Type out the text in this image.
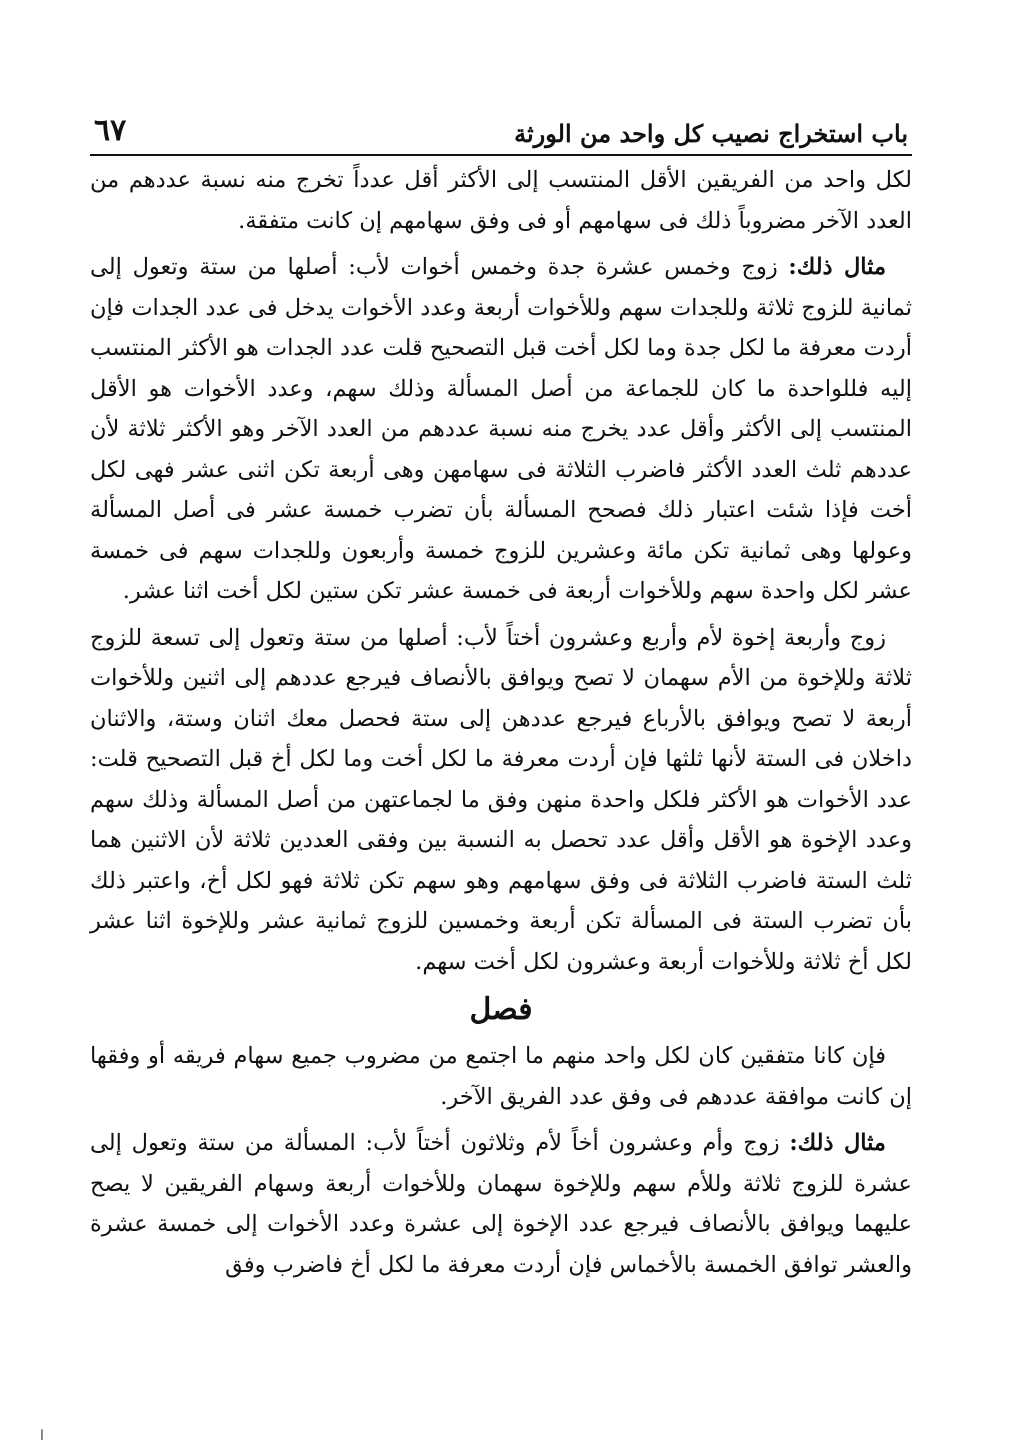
باب استخراج نصيب كل واحد من الورثة
٦٧

لكل واحد من الفريقين الأقل المنتسب إلى الأكثر أقل عدداً تخرج منه نسبة عددهم من العدد الآخر مضروباً ذلك فى سهامهم أو فى وفق سهامهم إن كانت متفقة.

مثال ذلك: زوج وخمس عشرة جدة وخمس أخوات لأب: أصلها من ستة وتعول إلى ثمانية للزوج ثلاثة وللجدات سهم وللأخوات أربعة وعدد الأخوات يدخل فى عدد الجدات فإن أردت معرفة ما لكل جدة وما لكل أخت قبل التصحيح قلت عدد الجدات هو الأكثر المنتسب إليه فللواحدة ما كان للجماعة من أصل المسألة وذلك سهم، وعدد الأخوات هو الأقل المنتسب إلى الأكثر وأقل عدد يخرج منه نسبة عددهم من العدد الآخر وهو الأكثر ثلاثة لأن عددهم ثلث العدد الأكثر فاضرب الثلاثة فى سهامهن وهى أربعة تكن اثنى عشر فهى لكل أخت فإذا شئت اعتبار ذلك فصحح المسألة بأن تضرب خمسة عشر فى أصل المسألة وعولها وهى ثمانية تكن مائة وعشرين للزوج خمسة وأربعون وللجدات سهم فى خمسة عشر لكل واحدة سهم وللأخوات أربعة فى خمسة عشر تكن ستين لكل أخت اثنا عشر.

زوج وأربعة إخوة لأم وأربع وعشرون أختاً لأب: أصلها من ستة وتعول إلى تسعة للزوج ثلاثة وللإخوة من الأم سهمان لا تصح ويوافق بالأنصاف فيرجع عددهم إلى اثنين وللأخوات أربعة لا تصح ويوافق بالأرباع فيرجع عددهن إلى ستة فحصل معك اثنان وستة، والاثنان داخلان فى الستة لأنها ثلثها فإن أردت معرفة ما لكل أخت وما لكل أخ قبل التصحيح قلت: عدد الأخوات هو الأكثر فلكل واحدة منهن وفق ما لجماعتهن من أصل المسألة وذلك سهم وعدد الإخوة هو الأقل وأقل عدد تحصل به النسبة بين وفقى العددين ثلاثة لأن الاثنين هما ثلث الستة فاضرب الثلاثة فى وفق سهامهم وهو سهم تكن ثلاثة فهو لكل أخ، واعتبر ذلك بأن تضرب الستة فى المسألة تكن أربعة وخمسين للزوج ثمانية عشر وللإخوة اثنا عشر لكل أخ ثلاثة وللأخوات أربعة وعشرون لكل أخت سهم.

فصل

فإن كانا متفقين كان لكل واحد منهم ما اجتمع من مضروب جميع سهام فريقه أو وفقها إن كانت موافقة عددهم فى وفق عدد الفريق الآخر.

مثال ذلك: زوج وأم وعشرون أخاً لأم وثلاثون أختاً لأب: المسألة من ستة وتعول إلى عشرة للزوج ثلاثة وللأم سهم وللإخوة سهمان وللأخوات أربعة وسهام الفريقين لا يصح عليهما ويوافق بالأنصاف فيرجع عدد الإخوة إلى عشرة وعدد الأخوات إلى خمسة عشرة والعشر توافق الخمسة بالأخماس فإن أردت معرفة ما لكل أخ فاضرب وفق

ا
